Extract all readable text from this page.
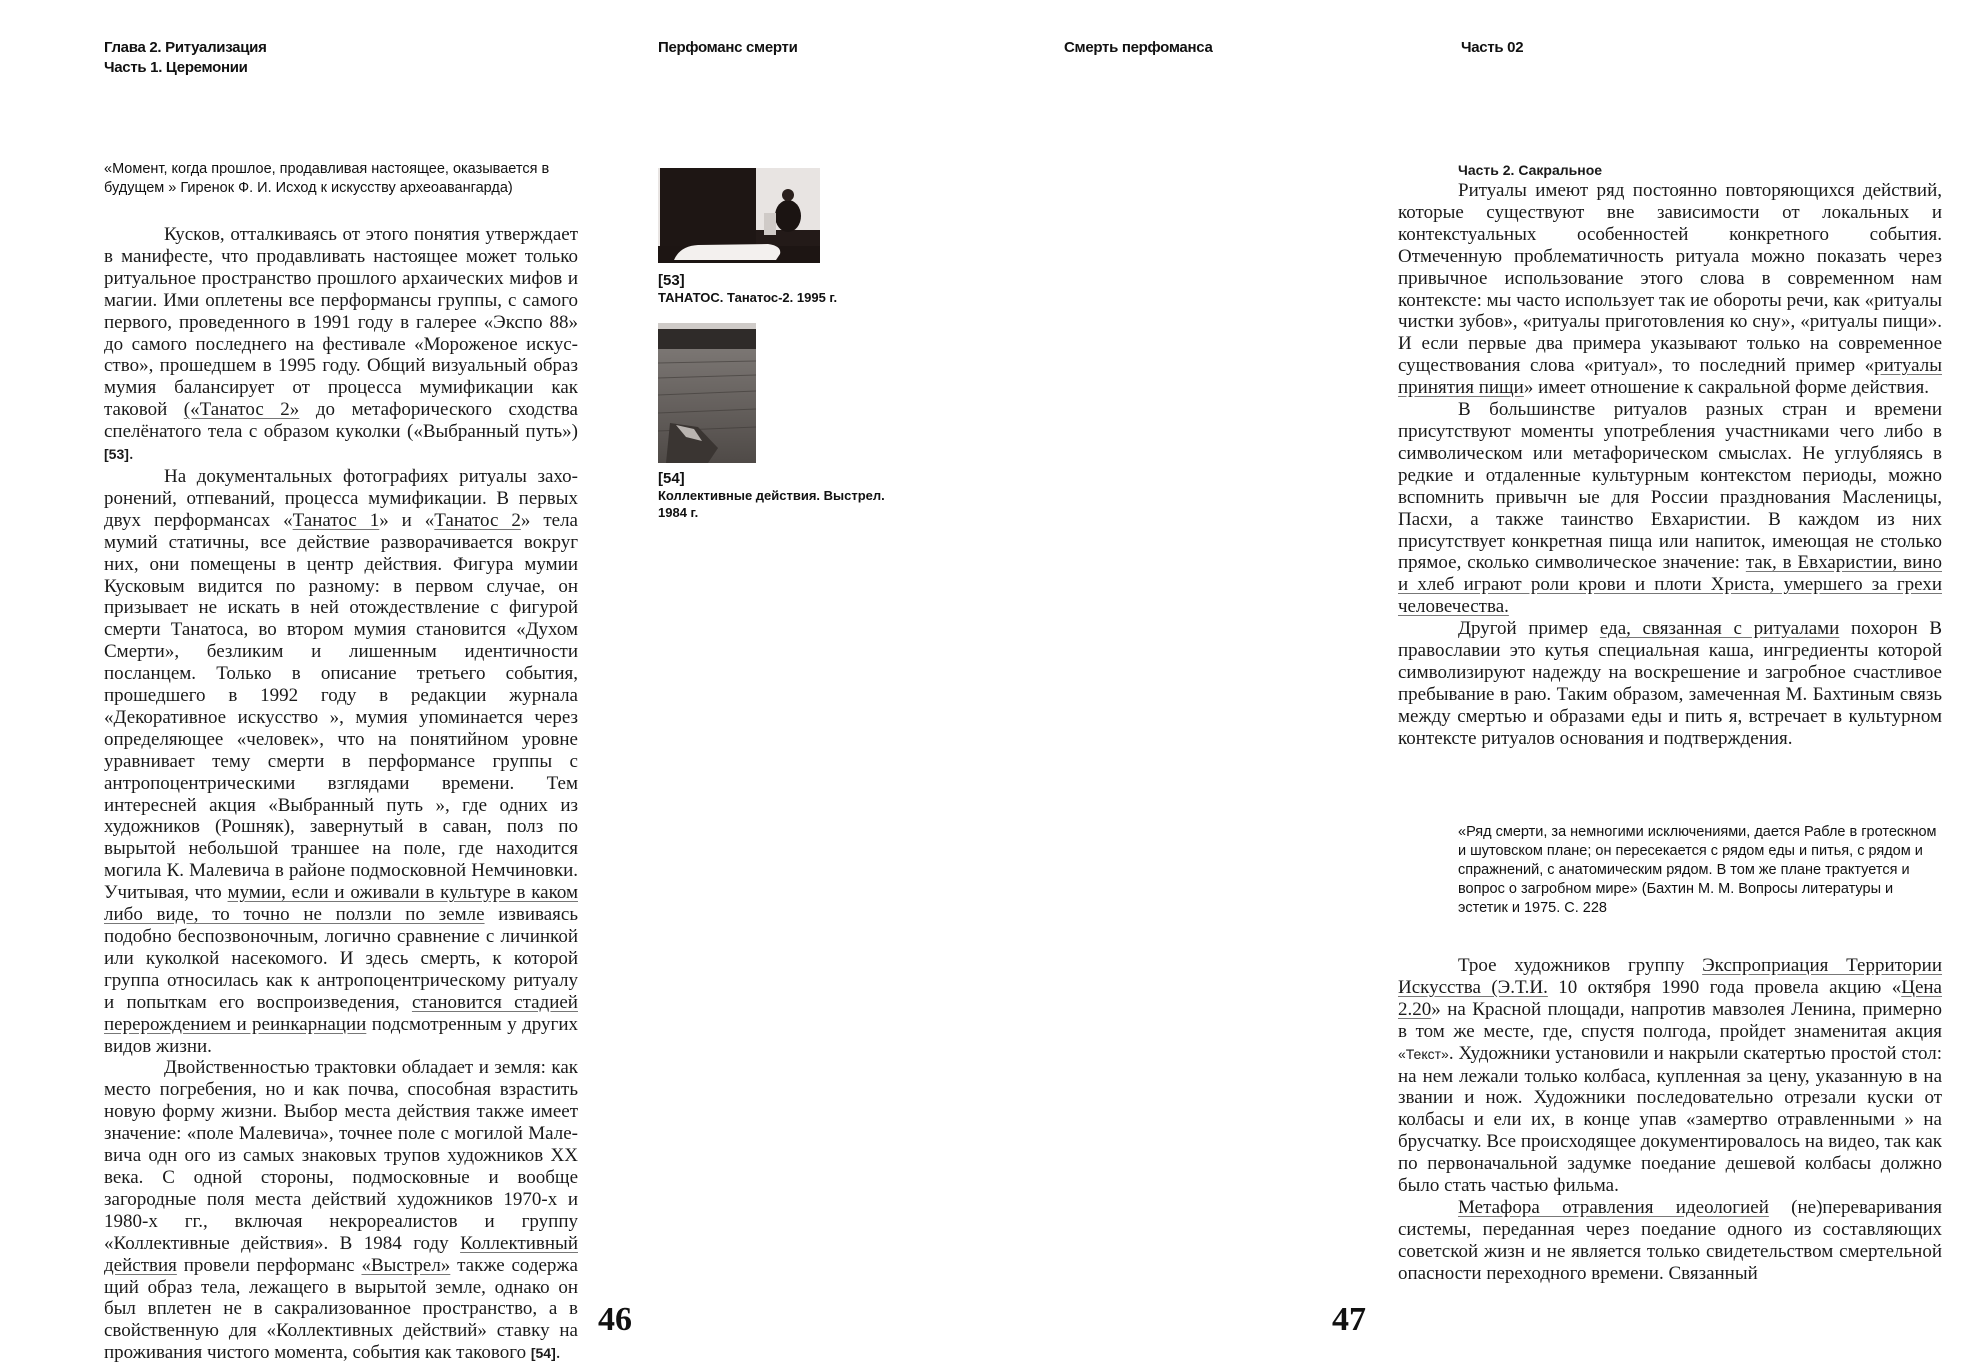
Глава 2. Ритуализация
Часть 1. Церемонии
Перфоманс смерти	Смерть перфоманса	Часть 02
«Момент, когда прошлое, продавливая настоящее, оказывается в будущем » Гиренок Ф. И. Исход к искусству археоавангарда)

Кусков, отталкиваясь от этого понятия утверждает в манифесте, что продавливать настоящее может только ритуальное пространство прошлого архаических мифов и магии. Ими оплетены все перформансы группы, с самого первого, проведенного в 1991 году в галерее «Экспо 88» до самого последнего на фестивале «Мороженое искусство», прошедшем в 1995 году. Общий визуальный образ мумия балансирует от процесса мумификации как таковой («Танатос 2» до метафорического сходства спелёнатого тела с образом куколки («Выбранный путь») [53].

На документальных фотографиях ритуалы захоронений, отпеваний, процесса мумификации. В первых двух перформансах «Танатос 1» и «Танатос 2» тела мумий статичны, все действие разворачивается вокруг них, они помещены в центр действия. Фигура мумии Кусковым видится по разному: в первом случае, он призывает не искать в ней отождествление с фигурой смерти Танатоса, во втором мумия становится «Духом Смерти», безликим и лишенным идентичности посланцем. Только в описание третьего события, прошедшего в 1992 году в редакции журнала «Декоративное искусство », мумия упоминается через определяющее «человек», что на понятийном уровне уравнивает тему смерти в перформансе группы с антропоцентрическими взглядами времени. Тем интересней акция «Выбранный путь », где одних из художников (Рошняк), завернутый в саван, полз по вырытой небольшой траншее на поле, где находится могила К. Малевича в районе подмосковной Немчиновки. Учитывая, что мумии, если и оживали в культуре в каком либо виде, то точно не ползли по земле извиваясь подобно беспозвоночным, логично сравнение с личинкой или куколкой насекомого. И здесь смерть, к которой группа относилась как к антропоцентрическому ритуалу и попыткам его воспроизведения, становится стадией перерождением и реинкарнации подсмотренным у других видов жизни.

Двойственностью трактовки обладает и земля: как место погребения, но и как почва, способная взрастить новую форму жизни. Выбор места действия также имеет значение: «поле Малевича», точнее поле с могилой Малевича одн ого из самых знаковых трупов художников XX века. С одной стороны, подмосковные и вообще загородные поля места действий художников 1970-х и 1980-х гг., включая некрореалистов и группу «Коллективные действия». В 1984 году Коллективный действия провели перформанс «Выстрел» также содержа щий образ тела, лежащего в вырытой земле, однако он был вплетен не в сакрализованное пространство, а в свойственную для «Коллективных действий» ставку на проживания чистого момента, события как такового [54].

46
[53]
ТАНАТОС. Танатос-2. 1995 г.
[54]
Коллективные действия. Выстрел.
1984 г.
Часть 2. Сакральное

Ритуалы имеют ряд постоянно повторяющихся действий, которые существуют вне зависимости от локальных и контекстуальных особенностей конкретного события. Отмеченную проблематичность ритуала можно показать через привычное использование этого слова в современном нам контексте: мы часто использует так ие обороты речи, как «ритуалы чистки зубов», «ритуалы приготовления ко сну», «ритуалы пищи». И если первые два примера указывают только на современное существования слова «ритуал», то последний пример «ритуалы принятия пищи» имеет отношение к сакральной форме действия.

В большинстве ритуалов разных стран и времени присутствуют моменты употребления участниками чего либо в символическом или метафорическом смыслах. Не углубляясь в редкие и отдаленные культурным контекстом периоды, можно вспомнить привычн ые для России празднования Масленицы, Пасхи, а также таинство Евхаристии. В каждом из них присутствует конкретная пища или напиток, имеющая не столько прямое, сколько символическое значение: так, в Евхаристии, вино и хлеб играют роли крови и плоти Христа, умершего за грехи человечества.

Другой пример еда, связанная с ритуалами похорон В православии это кутья специальная каша, ингредиенты которой символизируют надежду на воскрешение и загробное счастливое пребывание в раю. Таким образом, замеченная М. Бахтиным связь между смертью и образами еды и пить я, встречает в культурном контексте ритуалов основания и подтверждения.

«Ряд смерти, за немногими исключениями, дается Рабле в гротескном и шутовском плане; он пересекается с рядом еды и питья, с рядом и спражнений, с анатомическим рядом. В том же плане трактуется и вопрос о загробном мире» (Бахтин М. М. Вопросы литературы и эстетик и 1975. С. 228

Трое художников группу Экспроприация Территории Искусства (Э.Т.И. 10 октября 1990 года провела акцию «Цена 2.20» на Красной площади, напротив мавзолея Ленина, примерно в том же месте, где, спустя полгода, пройдет знаменитая акция «Текст». Художники установили и накрыли скатертью простой стол: на нем лежали только колбаса, купленная за цену, указанную в на звании и нож. Художники последовательно отрезали куски от колбасы и ели их, в конце упав «замертво отравленными » на брусчатку. Все происходящее документировалось на видео, так как по первоначальной задумке поедание дешевой колбасы должно было стать частью фильма.

Метафора отравления идеологией (не)переваривания системы, переданная через поедание одного из составляющих советской жизн и не является только свидетельством смертельной опасности переходного времени. Связанный

47
